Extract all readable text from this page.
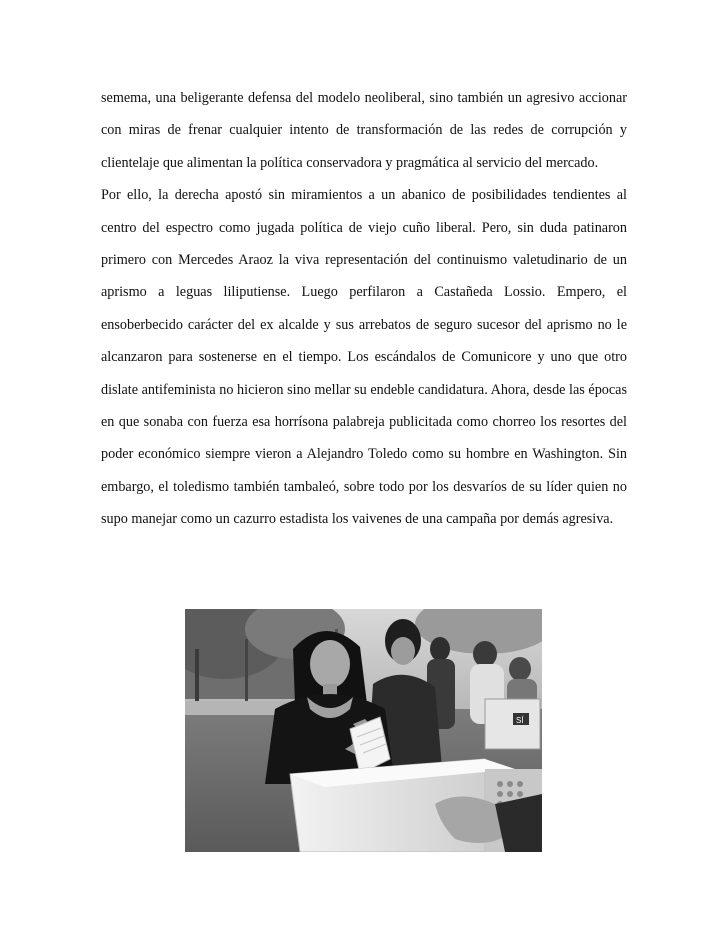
semema, una beligerante defensa del modelo neoliberal, sino también un agresivo accionar con miras de frenar cualquier intento de transformación de las redes de corrupción y clientelaje que alimentan la política conservadora y pragmática al servicio del mercado.

Por ello, la derecha apostó sin miramientos a un abanico de posibilidades tendientes al centro del espectro como jugada política de viejo cuño liberal. Pero, sin duda patinaron primero con Mercedes Araoz la viva representación del continuismo valetudinario de un aprismo a leguas liliputiense. Luego perfilaron a Castañeda Lossio. Empero, el ensoberbecido carácter del ex alcalde y sus arrebatos de seguro sucesor del aprismo no le alcanzaron para sostenerse en el tiempo. Los escándalos de Comunicore y uno que otro dislate antifeminista no hicieron sino mellar su endeble candidatura. Ahora, desde las épocas en que sonaba con fuerza esa horrísona palabreja publicitada como chorreo los resortes del poder económico siempre vieron a Alejandro Toledo como su hombre en Washington. Sin embargo, el toledismo también tambaleó, sobre todo por los desvaríos de su líder quien no supo manejar como un cazurro estadista los vaivenes de una campaña por demás agresiva.

SÍ
